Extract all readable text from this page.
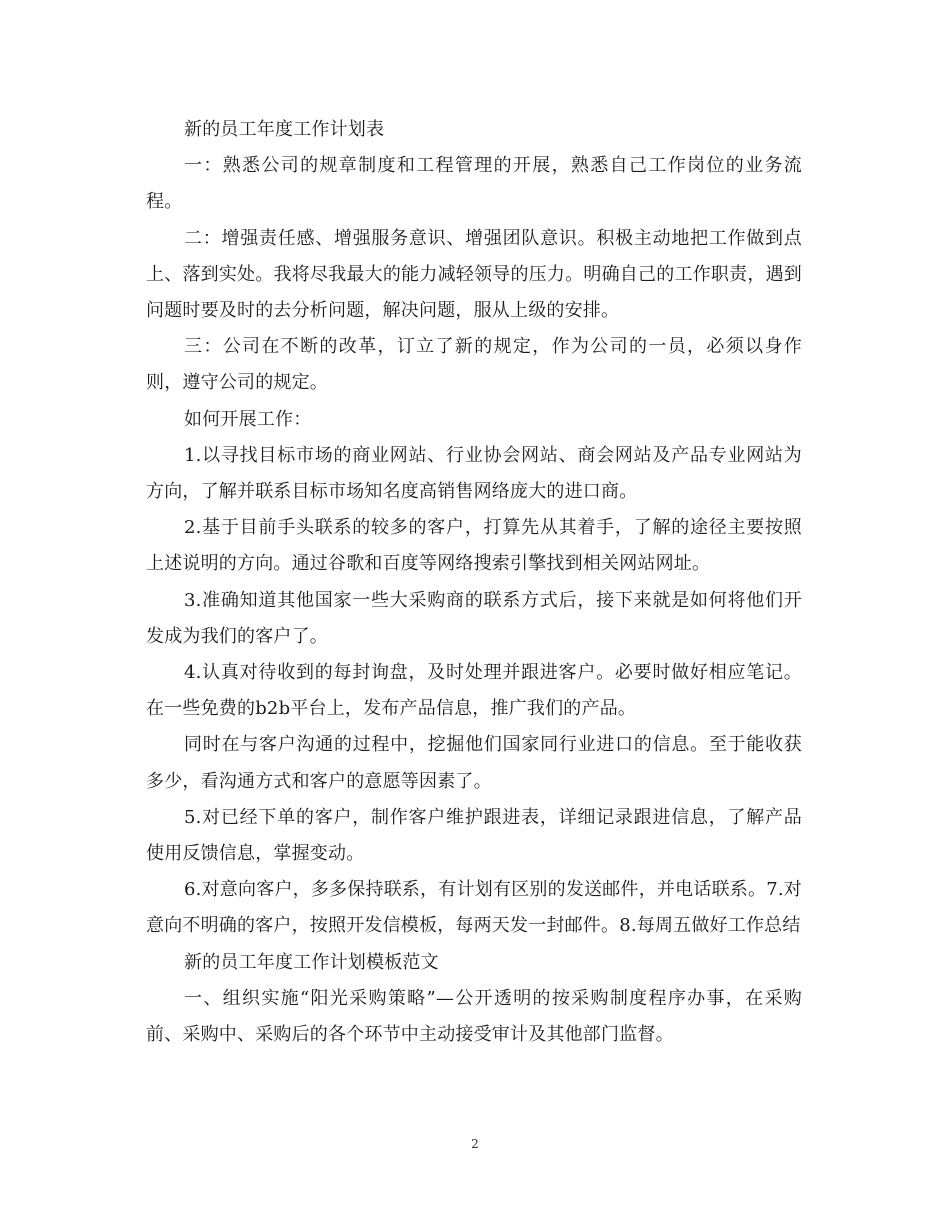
新的员工年度工作计划表

一：熟悉公司的规章制度和工程管理的开展，熟悉自己工作岗位的业务流程。

二：增强责任感、增强服务意识、增强团队意识。积极主动地把工作做到点上、落到实处。我将尽我最大的能力减轻领导的压力。明确自己的工作职责，遇到问题时要及时的去分析问题，解决问题，服从上级的安排。

三：公司在不断的改革，订立了新的规定，作为公司的一员，必须以身作则，遵守公司的规定。

如何开展工作：

1.以寻找目标市场的商业网站、行业协会网站、商会网站及产品专业网站为方向，了解并联系目标市场知名度高销售网络庞大的进口商。

2.基于目前手头联系的较多的客户，打算先从其着手，了解的途径主要按照上述说明的方向。通过谷歌和百度等网络搜索引擎找到相关网站网址。

3.准确知道其他国家一些大采购商的联系方式后，接下来就是如何将他们开发成为我们的客户了。

4.认真对待收到的每封询盘，及时处理并跟进客户。必要时做好相应笔记。在一些免费的b2b平台上，发布产品信息，推广我们的产品。

同时在与客户沟通的过程中，挖掘他们国家同行业进口的信息。至于能收获多少，看沟通方式和客户的意愿等因素了。

5.对已经下单的客户，制作客户维护跟进表，详细记录跟进信息，了解产品使用反馈信息，掌握变动。

6.对意向客户，多多保持联系，有计划有区别的发送邮件，并电话联系。7.对意向不明确的客户，按照开发信模板，每两天发一封邮件。8.每周五做好工作总结

新的员工年度工作计划模板范文

一、组织实施“阳光采购策略”—公开透明的按采购制度程序办事，在采购前、采购中、采购后的各个环节中主动接受审计及其他部门监督。

2
